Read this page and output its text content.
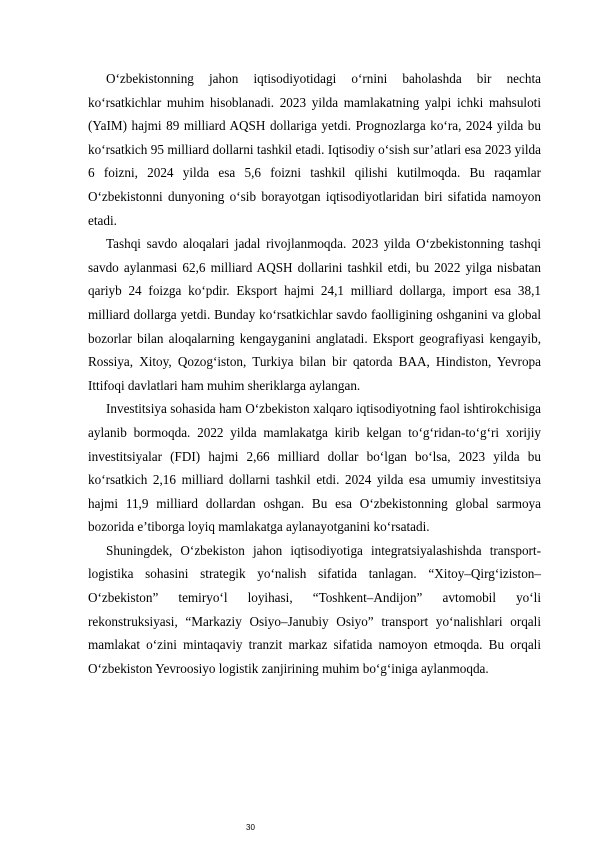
O‘zbekistonning jahon iqtisodiyotidagi o‘rnini baholashda bir nechta ko‘rsatkichlar muhim hisoblanadi. 2023 yilda mamlakatning yalpi ichki mahsuloti (YaIM) hajmi 89 milliard AQSH dollariga yetdi. Prognozlarga ko‘ra, 2024 yilda bu ko‘rsatkich 95 milliard dollarni tashkil etadi. Iqtisodiy o‘sish sur’atlari esa 2023 yilda 6 foizni, 2024 yilda esa 5,6 foizni tashkil qilishi kutilmoqda. Bu raqamlar O‘zbekistonni dunyoning o‘sib borayotgan iqtisodiyotlaridan biri sifatida namoyon etadi.

Tashqi savdo aloqalari jadal rivojlanmoqda. 2023 yilda O‘zbekistonning tashqi savdo aylanmasi 62,6 milliard AQSH dollarini tashkil etdi, bu 2022 yilga nisbatan qariyb 24 foizga ko‘pdir. Eksport hajmi 24,1 milliard dollarga, import esa 38,1 milliard dollarga yetdi. Bunday ko‘rsatkichlar savdo faolligining oshganini va global bozorlar bilan aloqalarning kengayganini anglatadi. Eksport geografiyasi kengayib, Rossiya, Xitoy, Qozog‘iston, Turkiya bilan bir qatorda BAA, Hindiston, Yevropa Ittifoqi davlatlari ham muhim sheriklarga aylangan.

Investitsiya sohasida ham O‘zbekiston xalqaro iqtisodiyotning faol ishtirokchisiga aylanib bormoqda. 2022 yilda mamlakatga kirib kelgan to‘g‘ridan-to‘g‘ri xorijiy investitsiyalar (FDI) hajmi 2,66 milliard dollar bo‘lgan bo‘lsa, 2023 yilda bu ko‘rsatkich 2,16 milliard dollarni tashkil etdi. 2024 yilda esa umumiy investitsiya hajmi 11,9 milliard dollardan oshgan. Bu esa O‘zbekistonning global sarmoya bozorida e’tiborga loyiq mamlakatga aylanayotganini ko‘rsatadi.

Shuningdek, O‘zbekiston jahon iqtisodiyotiga integratsiyalashishda transport-logistika sohasini strategik yo‘nalish sifatida tanlagan. “Xitoy–Qirg‘iziston–O‘zbekiston” temiryo‘l loyihasi, “Toshkent–Andijon” avtomobil yo‘li rekonstruksiyasi, “Markaziy Osiyo–Janubiy Osiyo” transport yo‘nalishlari orqali mamlakat o‘zini mintaqaviy tranzit markaz sifatida namoyon etmoqda. Bu orqali O‘zbekiston Yevroosiyo logistik zanjirining muhim bo‘g‘iniga aylanmoqda.

30
